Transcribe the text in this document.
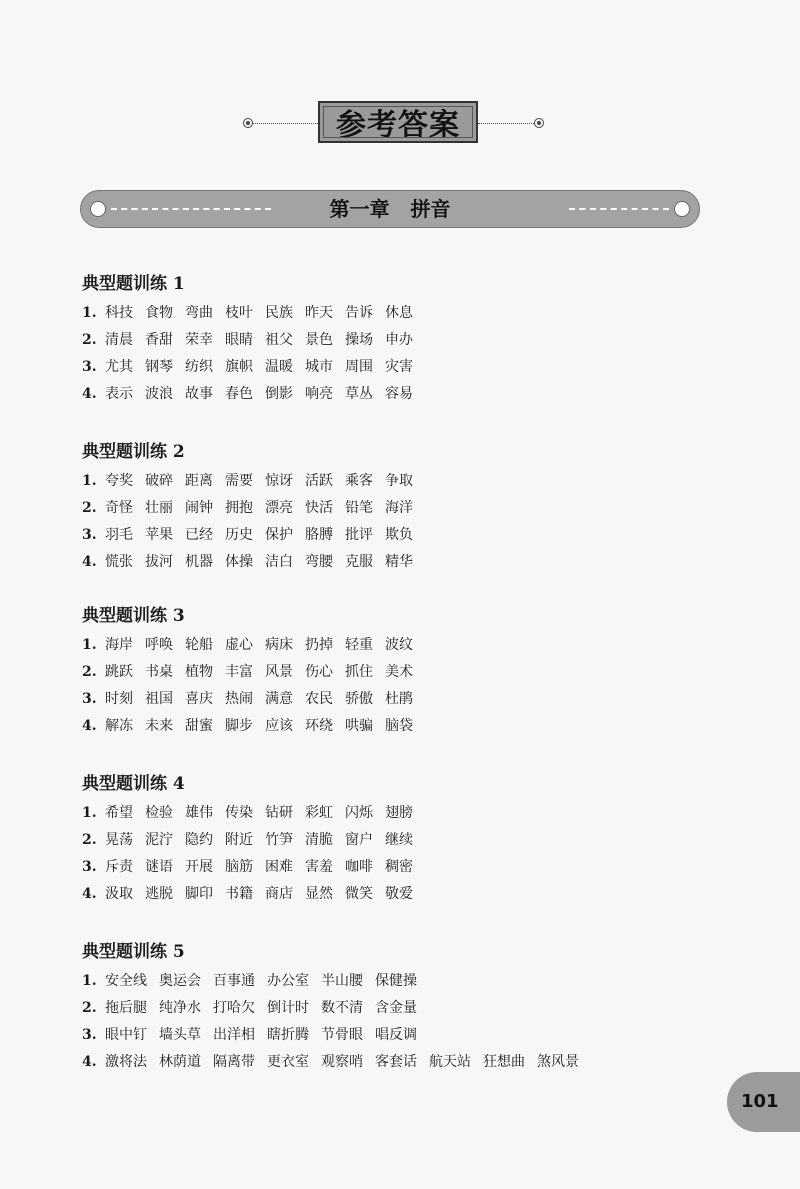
参考答案
第一章 拼音
典型题训练 1
1. 科技 食物 弯曲 枝叶 民族 昨天 告诉 休息
2. 清晨 香甜 荣幸 眼睛 祖父 景色 操场 申办
3. 尤其 钢琴 纺织 旗帜 温暖 城市 周围 灾害
4. 表示 波浪 故事 春色 倒影 响亮 草丛 容易
典型题训练 2
1. 夸奖 破碎 距离 需要 惊讶 活跃 乘客 争取
2. 奇怪 壮丽 闹钟 拥抱 漂亮 快活 铅笔 海洋
3. 羽毛 苹果 已经 历史 保护 胳膊 批评 欺负
4. 慌张 拔河 机器 体操 洁白 弯腰 克服 精华
典型题训练 3
1. 海岸 呼唤 轮船 虚心 病床 扔掉 轻重 波纹
2. 跳跃 书桌 植物 丰富 风景 伤心 抓住 美术
3. 时刻 祖国 喜庆 热闹 满意 农民 骄傲 杜鹃
4. 解冻 未来 甜蜜 脚步 应该 环绕 哄骗 脑袋
典型题训练 4
1. 希望 检验 雄伟 传染 钻研 彩虹 闪烁 翅膀
2. 晃荡 泥泞 隐约 附近 竹笋 清脆 窗户 继续
3. 斥责 谜语 开展 脑筋 困难 害羞 咖啡 稠密
4. 汲取 逃脱 脚印 书籍 商店 显然 微笑 敬爱
典型题训练 5
1. 安全线 奥运会 百事通 办公室 半山腰 保健操
2. 拖后腿 纯净水 打哈欠 倒计时 数不清 含金量
3. 眼中钉 墙头草 出洋相 瞎折腾 节骨眼 唱反调
4. 激将法 林荫道 隔离带 更衣室 观察哨 客套话 航天站 狂想曲 煞风景
101
